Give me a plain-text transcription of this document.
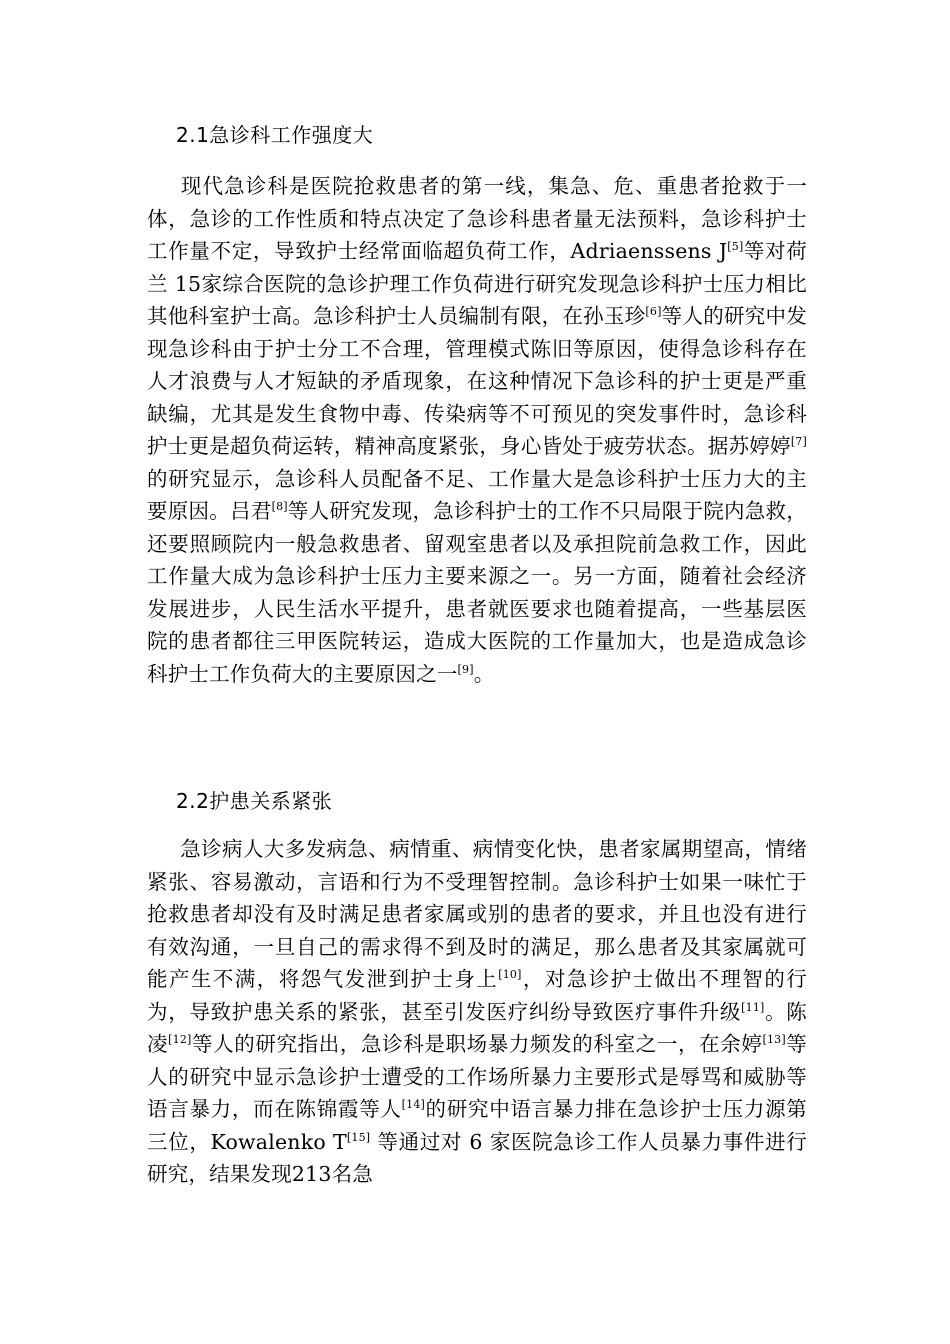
2.1急诊科工作强度大

现代急诊科是医院抢救患者的第一线，集急、危、重患者抢救于一体，急诊的工作性质和特点决定了急诊科患者量无法预料，急诊科护士工作量不定，导致护士经常面临超负荷工作，Adriaenssens J[5]等对荷兰 15家综合医院的急诊护理工作负荷进行研究发现急诊科护士压力相比其他科室护士高。急诊科护士人员编制有限，在孙玉珍[6]等人的研究中发现急诊科由于护士分工不合理，管理模式陈旧等原因，使得急诊科存在人才浪费与人才短缺的矛盾现象，在这种情况下急诊科的护士更是严重缺编，尤其是发生食物中毒、传染病等不可预见的突发事件时，急诊科护士更是超负荷运转，精神高度紧张，身心皆处于疲劳状态。据苏婷婷[7]的研究显示，急诊科人员配备不足、工作量大是急诊科护士压力大的主要原因。吕君[8]等人研究发现，急诊科护士的工作不只局限于院内急救，还要照顾院内一般急救患者、留观室患者以及承担院前急救工作，因此工作量大成为急诊科护士压力主要来源之一。另一方面，随着社会经济发展进步，人民生活水平提升，患者就医要求也随着提高，一些基层医院的患者都往三甲医院转运，造成大医院的工作量加大，也是造成急诊科护士工作负荷大的主要原因之一[9]。

2.2护患关系紧张

急诊病人大多发病急、病情重、病情变化快，患者家属期望高，情绪紧张、容易激动，言语和行为不受理智控制。急诊科护士如果一味忙于抢救患者却没有及时满足患者家属或别的患者的要求，并且也没有进行有效沟通，一旦自己的需求得不到及时的满足，那么患者及其家属就可能产生不满，将怨气发泄到护士身上[10]，对急诊护士做出不理智的行为，导致护患关系的紧张，甚至引发医疗纠纷导致医疗事件升级[11]。陈凌[12]等人的研究指出，急诊科是职场暴力频发的科室之一，在余婷[13]等人的研究中显示急诊护士遭受的工作场所暴力主要形式是辱骂和威胁等语言暴力，而在陈锦霞等人[14]的研究中语言暴力排在急诊护士压力源第三位，Kowalenko T[15] 等通过对 6 家医院急诊工作人员暴力事件进行研究，结果发现213名急
